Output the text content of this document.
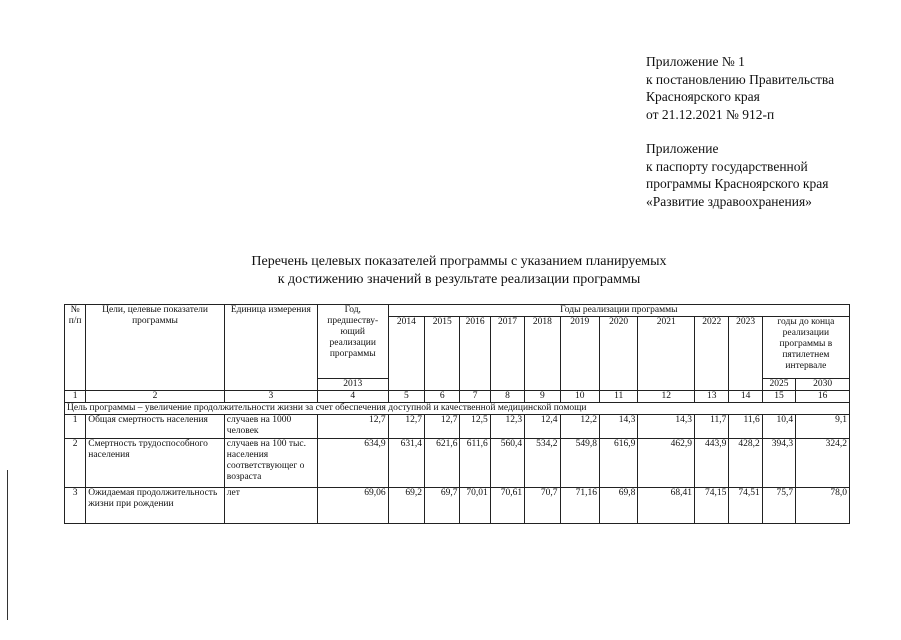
Приложение № 1
к постановлению Правительства
Красноярского края
от 21.12.2021 № 912-п
Приложение
к паспорту государственной
программы Красноярского края
«Развитие здравоохранения»
Перечень целевых показателей программы с указанием планируемых
к достижению значений в результате реализации программы
№ п/п	Цели, целевые показатели программы	Единица измерения	Год, предшеству-ющий реализации программы	Годы реализации программы											
				2014	2015	2016	2017	2018	2019	2020	2021	2022	2023	годы до конца реализации программы в пятилетнем интервале	
			2013											2025	2030
1	2	3	4	5	6	7	8	9	10	11	12	13	14	15	16
Цель программы – увеличение продолжительности жизни за счет обеспечения доступной и качественной медицинской помощи															
1	Общая смертность населения	случаев на 1000 человек	12,7	12,7	12,7	12,5	12,3	12,4	12,2	14,3	14,3	11,7	11,6	10,4	9,1
2	Смертность трудоспособного населения	случаев на 100 тыс. населения соответствующег о возраста	634,9	631,4	621,6	611,6	560,4	534,2	549,8	616,9	462,9	443,9	428,2	394,3	324,2
3	Ожидаемая продолжительность жизни при рождении	лет	69,06	69,2	69,7	70,01	70,61	70,7	71,16	69,8	68,41	74,15	74,51	75,7	78,0
